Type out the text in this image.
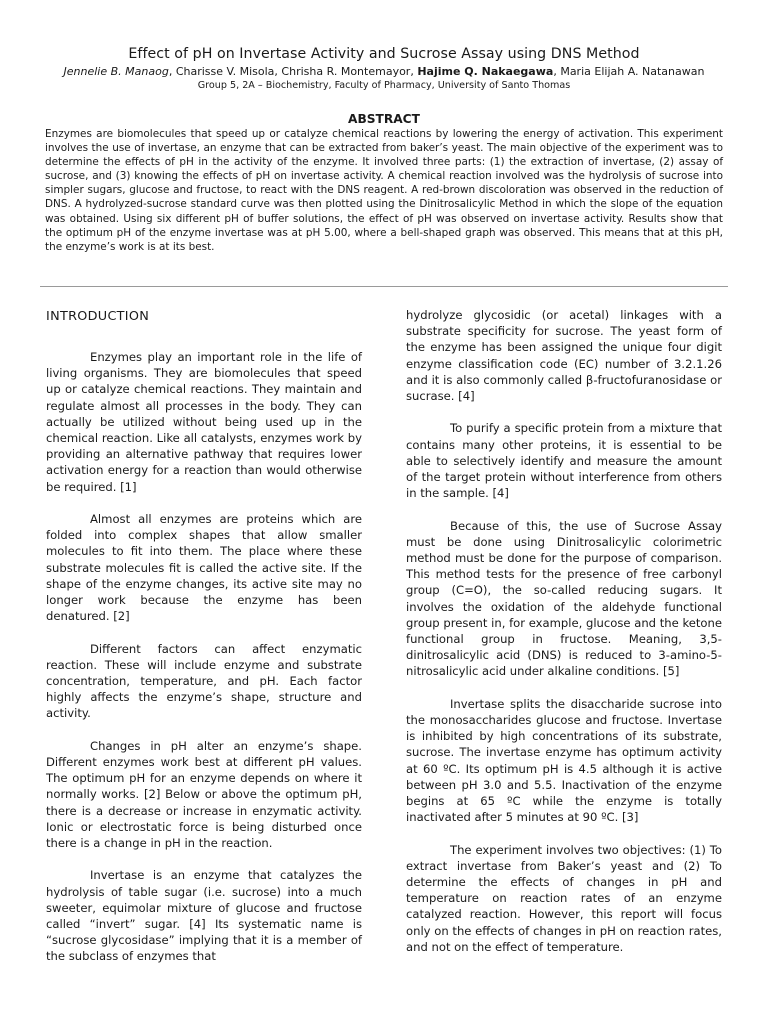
Effect of pH on Invertase Activity and Sucrose Assay using DNS Method

Jennelie B. Manaog, Charisse V. Misola, Chrisha R. Montemayor, Hajime Q. Nakaegawa, Maria Elijah A. Natanawan

Group 5, 2A – Biochemistry, Faculty of Pharmacy, University of Santo Thomas

ABSTRACT

Enzymes are biomolecules that speed up or catalyze chemical reactions by lowering the energy of activation. This experiment involves the use of invertase, an enzyme that can be extracted from baker’s yeast. The main objective of the experiment was to determine the effects of pH in the activity of the enzyme. It involved three parts: (1) the extraction of invertase, (2) assay of sucrose, and (3) knowing the effects of pH on invertase activity. A chemical reaction involved was the hydrolysis of sucrose into simpler sugars, glucose and fructose, to react with the DNS reagent. A red-brown discoloration was observed in the reduction of DNS. A hydrolyzed-sucrose standard curve was then plotted using the Dinitrosalicylic Method in which the slope of the equation was obtained. Using six different pH of buffer solutions, the effect of pH was observed on invertase activity. Results show that the optimum pH of the enzyme invertase was at pH 5.00, where a bell-shaped graph was observed. This means that at this pH, the enzyme’s work is at its best.

INTRODUCTION

Enzymes play an important role in the life of living organisms. They are biomolecules that speed up or catalyze chemical reactions. They maintain and regulate almost all processes in the body. They can actually be utilized without being used up in the chemical reaction. Like all catalysts, enzymes work by providing an alternative pathway that requires lower activation energy for a reaction than would otherwise be required. [1]

Almost all enzymes are proteins which are folded into complex shapes that allow smaller molecules to fit into them. The place where these substrate molecules fit is called the active site. If the shape of the enzyme changes, its active site may no longer work because the enzyme has been denatured. [2]

Different factors can affect enzymatic reaction. These will include enzyme and substrate concentration, temperature, and pH. Each factor highly affects the enzyme’s shape, structure and activity.

Changes in pH alter an enzyme’s shape. Different enzymes work best at different pH values. The optimum pH for an enzyme depends on where it normally works. [2] Below or above the optimum pH, there is a decrease or increase in enzymatic activity. Ionic or electrostatic force is being disturbed once there is a change in pH in the reaction.

Invertase is an enzyme that catalyzes the hydrolysis of table sugar (i.e. sucrose) into a much sweeter, equimolar mixture of glucose and fructose called “invert” sugar. [4] Its systematic name is “sucrose glycosidase” implying that it is a member of the subclass of enzymes that

hydrolyze glycosidic (or acetal) linkages with a substrate specificity for sucrose. The yeast form of the enzyme has been assigned the unique four digit enzyme classification code (EC) number of 3.2.1.26 and it is also commonly called β-fructofuranosidase or sucrase. [4]

To purify a specific protein from a mixture that contains many other proteins, it is essential to be able to selectively identify and measure the amount of the target protein without interference from others in the sample. [4]

Because of this, the use of Sucrose Assay must be done using Dinitrosalicylic colorimetric method must be done for the purpose of comparison. This method tests for the presence of free carbonyl group (C=O), the so-called reducing sugars. It involves the oxidation of the aldehyde functional group present in, for example, glucose and the ketone functional group in fructose. Meaning, 3,5-dinitrosalicylic acid (DNS) is reduced to 3-amino-5-nitrosalicylic acid under alkaline conditions. [5]

Invertase splits the disaccharide sucrose into the monosaccharides glucose and fructose. Invertase is inhibited by high concentrations of its substrate, sucrose. The invertase enzyme has optimum activity at 60 ºC. Its optimum pH is 4.5 although it is active between pH 3.0 and 5.5. Inactivation of the enzyme begins at 65 ºC while the enzyme is totally inactivated after 5 minutes at 90 ºC. [3]

The experiment involves two objectives: (1) To extract invertase from Baker’s yeast and (2) To determine the effects of changes in pH and temperature on reaction rates of an enzyme catalyzed reaction. However, this report will focus only on the effects of changes in pH on reaction rates, and not on the effect of temperature.
